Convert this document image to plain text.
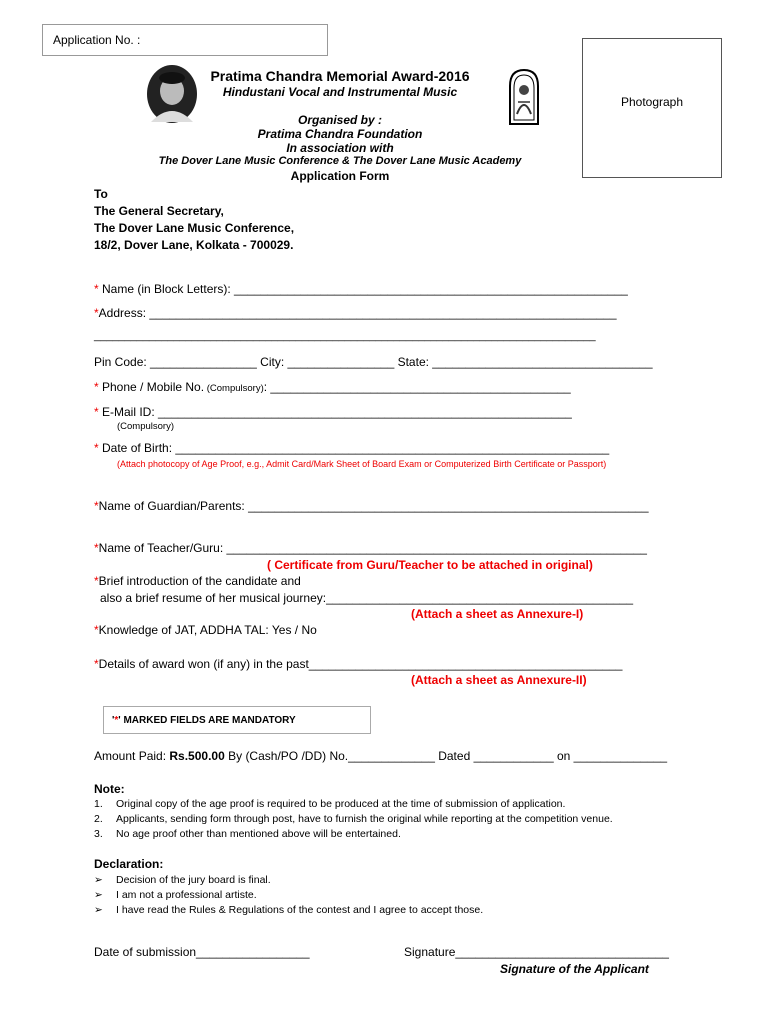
Application No. :
Photograph
Pratima Chandra Memorial Award-2016
Hindustani Vocal and Instrumental Music
Organised by :
Pratima Chandra Foundation
In association with
The Dover Lane Music Conference & The Dover Lane Music Academy
Application Form
To
The General Secretary,
The Dover Lane Music Conference,
18/2, Dover Lane, Kolkata - 700029.
* Name (in Block Letters): ___________________________________________________________
*Address: ______________________________________________________________________
__________________________________________________________________________________
Pin Code: ________________ City: ________________ State: _________________________________
* Phone / Mobile No. (Compulsory): _____________________________________________
* E-Mail ID: ______________________________________________________________
(Compulsory)
* Date of Birth: _________________________________________________________________
(Attach photocopy of Age Proof, e.g., Admit Card/Mark Sheet of Board Exam or Computerized Birth Certificate or Passport)
*Name of Guardian/Parents: ____________________________________________________________
*Name of Teacher/Guru: _______________________________________________________________
( Certificate from Guru/Teacher to be attached in original)
*Brief introduction of the candidate and
also a brief resume of her musical journey:______________________________________________
(Attach a sheet as Annexure-I)
*Knowledge of JAT, ADDHA TAL: Yes / No
*Details of award won (if any) in the past_______________________________________________
(Attach a sheet as Annexure-II)
'*' MARKED FIELDS ARE MANDATORY
Amount Paid: Rs.500.00 By (Cash/PO /DD) No._____________ Dated ____________ on ______________
Note:
1. Original copy of the age proof is required to be produced at the time of submission of application.
2. Applicants, sending form through post, have to furnish the original while reporting at the competition venue.
3. No age proof other than mentioned above will be entertained.
Declaration:
➢ Decision of the jury board is final.
➢ I am not a professional artiste.
➢ I have read the Rules & Regulations of the contest and I agree to accept those.
Date of submission_________________	Signature________________________________
Signature of the Applicant
